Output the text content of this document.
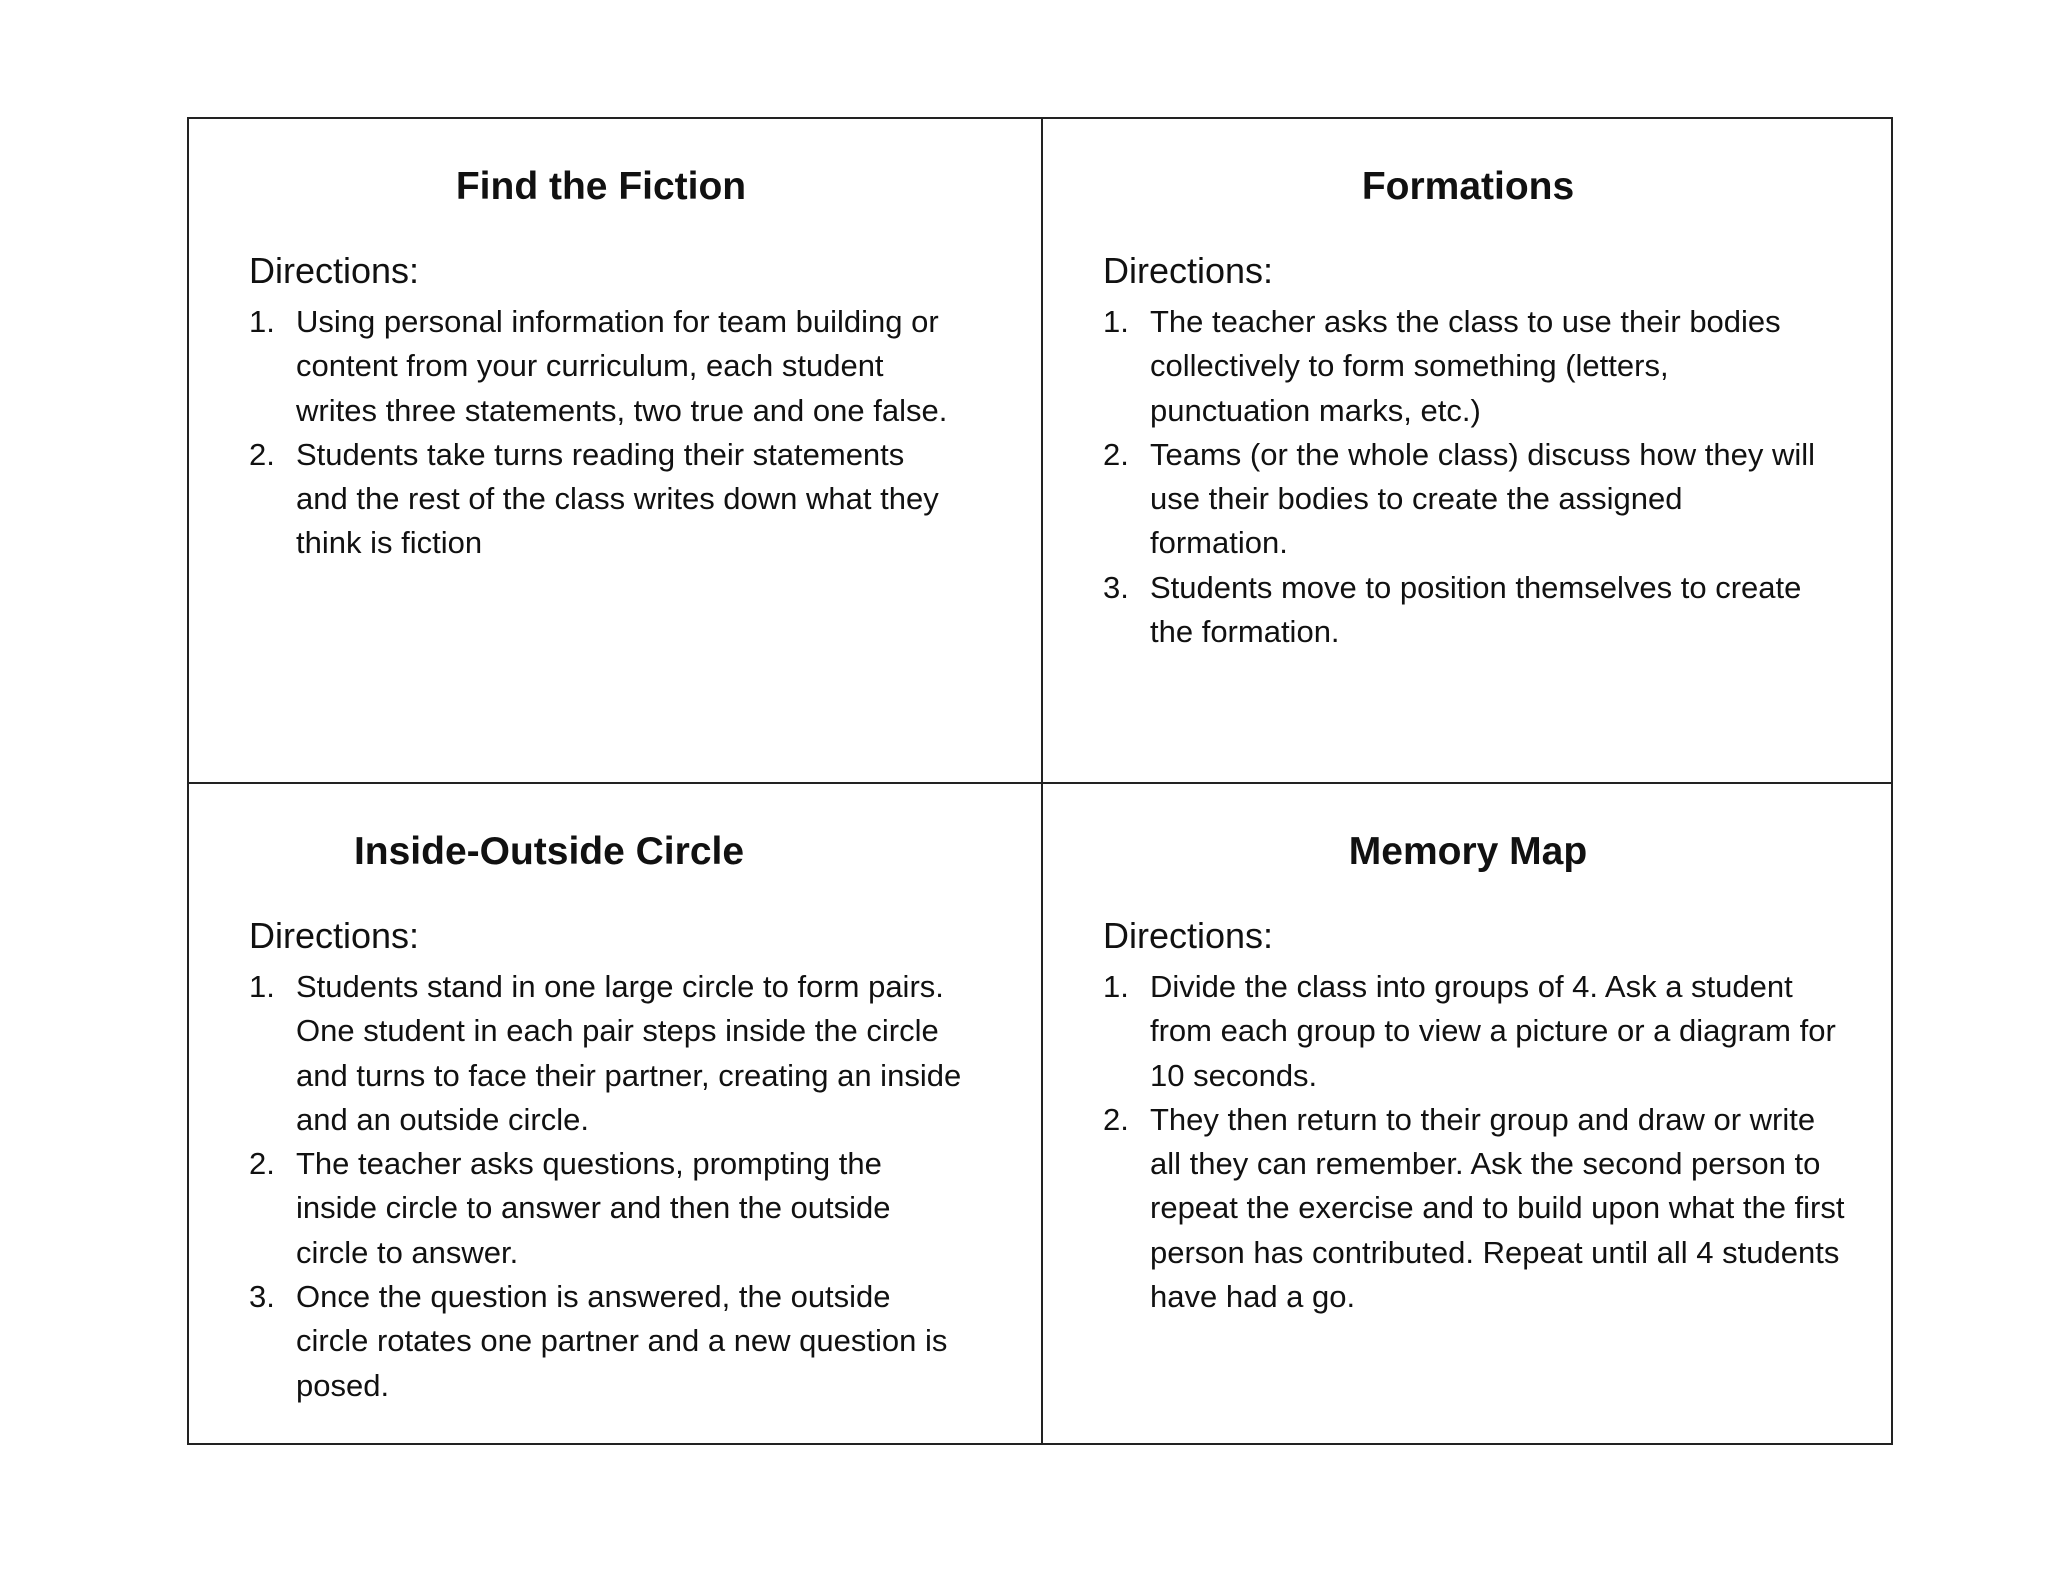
Find the Fiction
Directions:
1. Using personal information for team building or content from your curriculum, each student writes three statements, two true and one false.
2. Students take turns reading their statements and the rest of the class writes down what they think is fiction
Formations
Directions:
1. The teacher asks the class to use their bodies collectively to form something (letters, punctuation marks, etc.)
2. Teams (or the whole class) discuss how they will use their bodies to create the assigned formation.
3. Students move to position themselves to create the formation.
Inside-Outside Circle
Directions:
1. Students stand in one large circle to form pairs. One student in each pair steps inside the circle and turns to face their partner, creating an inside and an outside circle.
2. The teacher asks questions, prompting the inside circle to answer and then the outside circle to answer.
3. Once the question is answered, the outside circle rotates one partner and a new question is posed.
Memory Map
Directions:
1. Divide the class into groups of 4. Ask a student from each group to view a picture or a diagram for 10 seconds.
2. They then return to their group and draw or write all they can remember. Ask the second person to repeat the exercise and to build upon what the first person has contributed. Repeat until all 4 students have had a go.
